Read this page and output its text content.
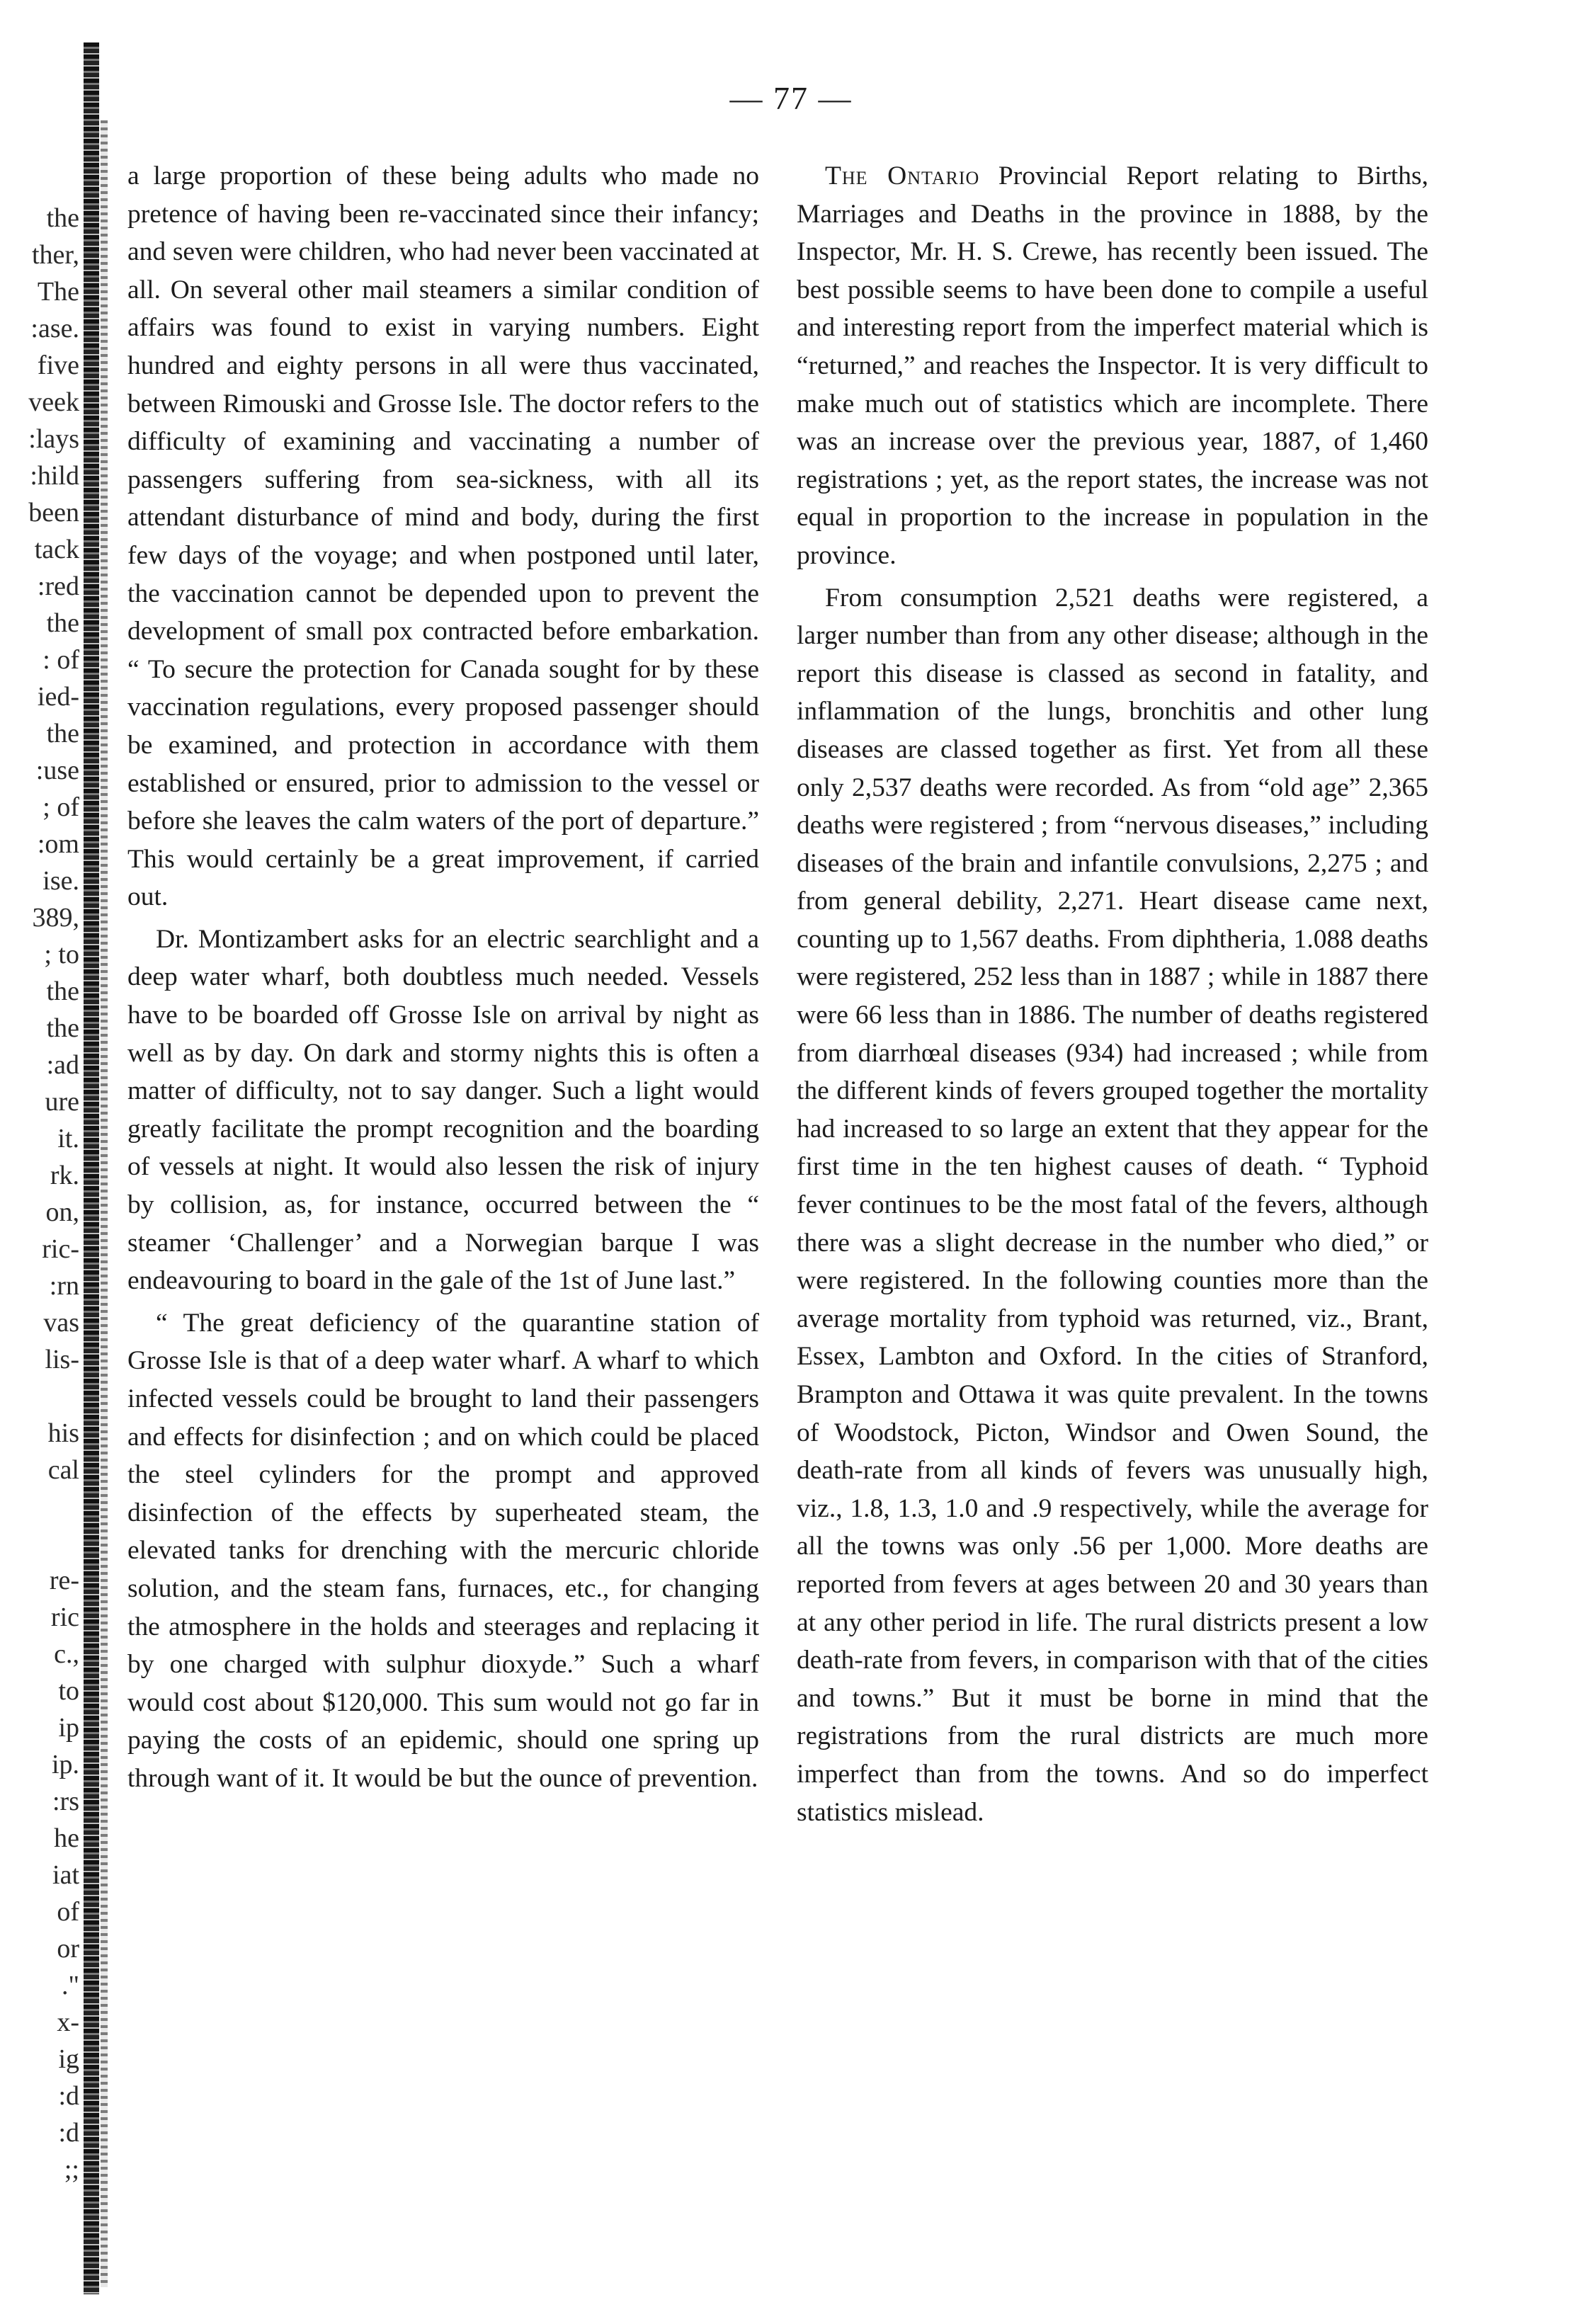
— 77 —
the
ther,
The
:ase.
five
veek
:lays
:hild
been
tack
:red
the
: of
ied-
the
:use
; of
:om
ise.
389,
; to
the
the
:ad
ure
it.
rk.
on,
ric-
:rn
vas
lis-

his
cal

re-
ric
c.,
to
ip
ip.
:rs
he
iat
of
or
."
x-
ig
:d
:d
;;

a large proportion of these being adults who made no pretence of having been re-vaccinated since their infancy; and seven were children, who had never been vaccinated at all. On several other mail steamers a similar condition of affairs was found to exist in varying numbers. Eight hundred and eighty persons in all were thus vaccinated, between Rimouski and Grosse Isle. The doctor refers to the difficulty of examining and vaccinating a number of passengers suffering from sea-sickness, with all its attendant disturbance of mind and body, during the first few days of the voyage; and when postponed until later, the vaccination cannot be depended upon to prevent the development of small pox contracted before embarkation. “ To secure the protection for Canada sought for by these vaccination regulations, every proposed passenger should be examined, and protection in accordance with them established or ensured, prior to admission to the vessel or before she leaves the calm waters of the port of departure.” This would certainly be a great improvement, if carried out.

Dr. Montizambert asks for an electric searchlight and a deep water wharf, both doubtless much needed. Vessels have to be boarded off Grosse Isle on arrival by night as well as by day. On dark and stormy nights this is often a matter of difficulty, not to say danger. Such a light would greatly facilitate the prompt recognition and the boarding of vessels at night. It would also lessen the risk of injury by collision, as, for instance, occurred between the “ steamer ‘Challenger’ and a Norwegian barque I was endeavouring to board in the gale of the 1st of June last.”

“ The great deficiency of the quarantine station of Grosse Isle is that of a deep water wharf. A wharf to which infected vessels could be brought to land their passengers and effects for disinfection ; and on which could be placed the steel cylinders for the prompt and approved disinfection of the effects by superheated steam, the elevated tanks for drenching with the mercuric chloride solution, and the steam fans, furnaces, etc., for changing the atmosphere in the holds and steerages and replacing it by one charged with sulphur dioxyde.” Such a wharf would cost about $120,000. This sum would not go far in paying the costs of an epidemic, should one spring up through want of it. It would be but the ounce of prevention.

The Ontario Provincial Report relating to Births, Marriages and Deaths in the province in 1888, by the Inspector, Mr. H. S. Crewe, has recently been issued. The best possible seems to have been done to compile a useful and interesting report from the imperfect material which is “returned,” and reaches the Inspector. It is very difficult to make much out of statistics which are incomplete. There was an increase over the previous year, 1887, of 1,460 registrations ; yet, as the report states, the increase was not equal in proportion to the increase in population in the province.

From consumption 2,521 deaths were registered, a larger number than from any other disease; although in the report this disease is classed as second in fatality, and inflammation of the lungs, bronchitis and other lung diseases are classed together as first. Yet from all these only 2,537 deaths were recorded. As from “old age” 2,365 deaths were registered ; from “nervous diseases,” including diseases of the brain and infantile convulsions, 2,275 ; and from general debility, 2,271. Heart disease came next, counting up to 1,567 deaths. From diphtheria, 1.088 deaths were registered, 252 less than in 1887 ; while in 1887 there were 66 less than in 1886. The number of deaths registered from diarrhœal diseases (934) had increased ; while from the different kinds of fevers grouped together the mortality had increased to so large an extent that they appear for the first time in the ten highest causes of death. “ Typhoid fever continues to be the most fatal of the fevers, although there was a slight decrease in the number who died,” or were registered. In the following counties more than the average mortality from typhoid was returned, viz., Brant, Essex, Lambton and Oxford. In the cities of Stranford, Brampton and Ottawa it was quite prevalent. In the towns of Woodstock, Picton, Windsor and Owen Sound, the death-rate from all kinds of fevers was unusually high, viz., 1.8, 1.3, 1.0 and .9 respectively, while the average for all the towns was only .56 per 1,000. More deaths are reported from fevers at ages between 20 and 30 years than at any other period in life. The rural districts present a low death-rate from fevers, in comparison with that of the cities and towns.” But it must be borne in mind that the registrations from the rural districts are much more imperfect than from the towns. And so do imperfect statistics mislead.
